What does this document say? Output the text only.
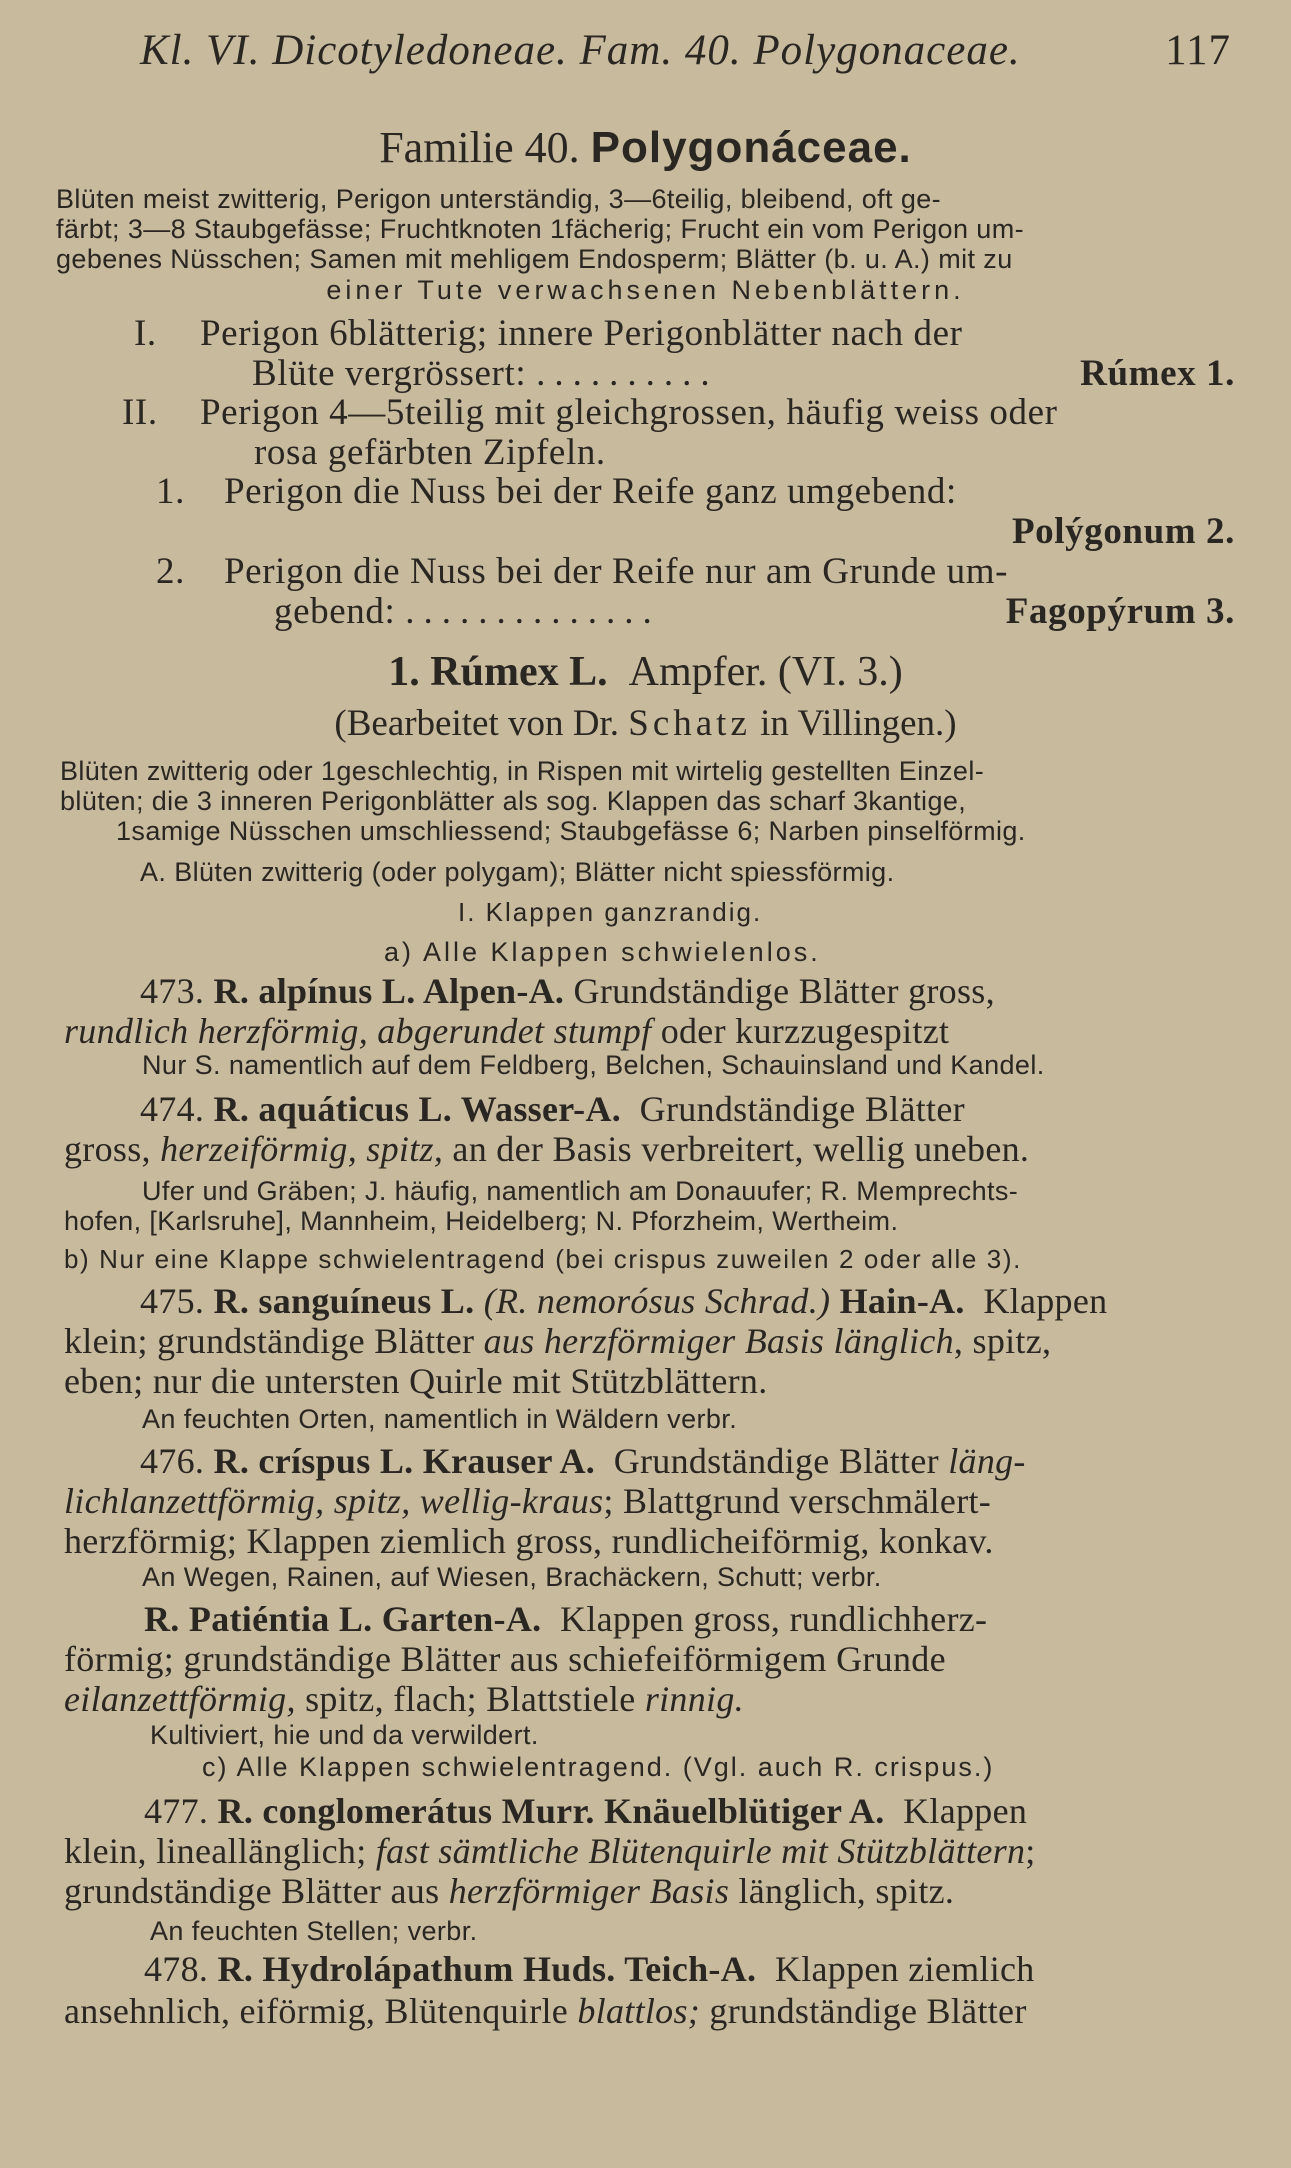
Kl. VI. Dicotyledoneae. Fam. 40. Polygonaceae.	117
Familie 40. Polygonáceae.
Blüten meist zwitterig, Perigon unterständig, 3—6teilig, bleibend, oft ge-
färbt; 3—8 Staubgefässe; Fruchtknoten 1fächerig; Frucht ein vom Perigon um-
gebenes Nüsschen; Samen mit mehligem Endosperm; Blätter (b. u. A.) mit zu
einer Tute verwachsenen Nebenblättern.
I. Perigon 6blätterig; innere Perigonblätter nach der
Blüte vergrössert: ..........	Rúmex 1.
II. Perigon 4—5teilig mit gleichgrossen, häufig weiss oder
rosa gefärbten Zipfeln.
1. Perigon die Nuss bei der Reife ganz umgebend:
Polýgonum 2.
2. Perigon die Nuss bei der Reife nur am Grunde um-
gebend: ..............	Fagopýrum 3.
1. Rúmex L. Ampfer. (VI. 3.)
(Bearbeitet von Dr. Schatz in Villingen.)
Blüten zwitterig oder 1geschlechtig, in Rispen mit wirtelig gestellten Einzel-
blüten; die 3 inneren Perigonblätter als sog. Klappen das scharf 3kantige,
1samige Nüsschen umschliessend; Staubgefässe 6; Narben pinselförmig.
A. Blüten zwitterig (oder polygam); Blätter nicht spiessförmig.
I. Klappen ganzrandig.
a) Alle Klappen schwielenlos.
473. R. alpínus L. Alpen-A. Grundständige Blätter gross,
rundlich herzförmig, abgerundet stumpf oder kurzzugespitzt
Nur S. namentlich auf dem Feldberg, Belchen, Schauinsland und Kandel.
474. R. aquáticus L. Wasser-A. Grundständige Blätter
gross, herzeiförmig, spitz, an der Basis verbreitert, wellig uneben.
Ufer und Gräben; J. häufig, namentlich am Donauufer; R. Memprechts-
hofen, [Karlsruhe], Mannheim, Heidelberg; N. Pforzheim, Wertheim.
b) Nur eine Klappe schwielentragend (bei crispus zuweilen 2 oder alle 3).
475. R. sanguíneus L. (R. nemorósus Schrad.) Hain-A. Klappen
klein; grundständige Blätter aus herzförmiger Basis länglich, spitz,
eben; nur die untersten Quirle mit Stützblättern.
An feuchten Orten, namentlich in Wäldern verbr.
476. R. críspus L. Krauser A. Grundständige Blätter läng-
lichlanzettförmig, spitz, wellig-kraus; Blattgrund verschmälert-
herzförmig; Klappen ziemlich gross, rundlicheiförmig, konkav.
An Wegen, Rainen, auf Wiesen, Brachäckern, Schutt; verbr.
R. Patiéntia L. Garten-A. Klappen gross, rundlichherz-
förmig; grundständige Blätter aus schiefeiförmigem Grunde
eilanzettförmig, spitz, flach; Blattstiele rinnig.
Kultiviert, hie und da verwildert.
c) Alle Klappen schwielentragend. (Vgl. auch R. crispus.)
477. R. conglomerátus Murr. Knäuelblütiger A. Klappen
klein, lineallänglich; fast sämtliche Blütenquirle mit Stützblättern;
grundständige Blätter aus herzförmiger Basis länglich, spitz.
An feuchten Stellen; verbr.
478. R. Hydrolápathum Huds. Teich-A. Klappen ziemlich
ansehnlich, eiförmig, Blütenquirle blattlos; grundständige Blätter
